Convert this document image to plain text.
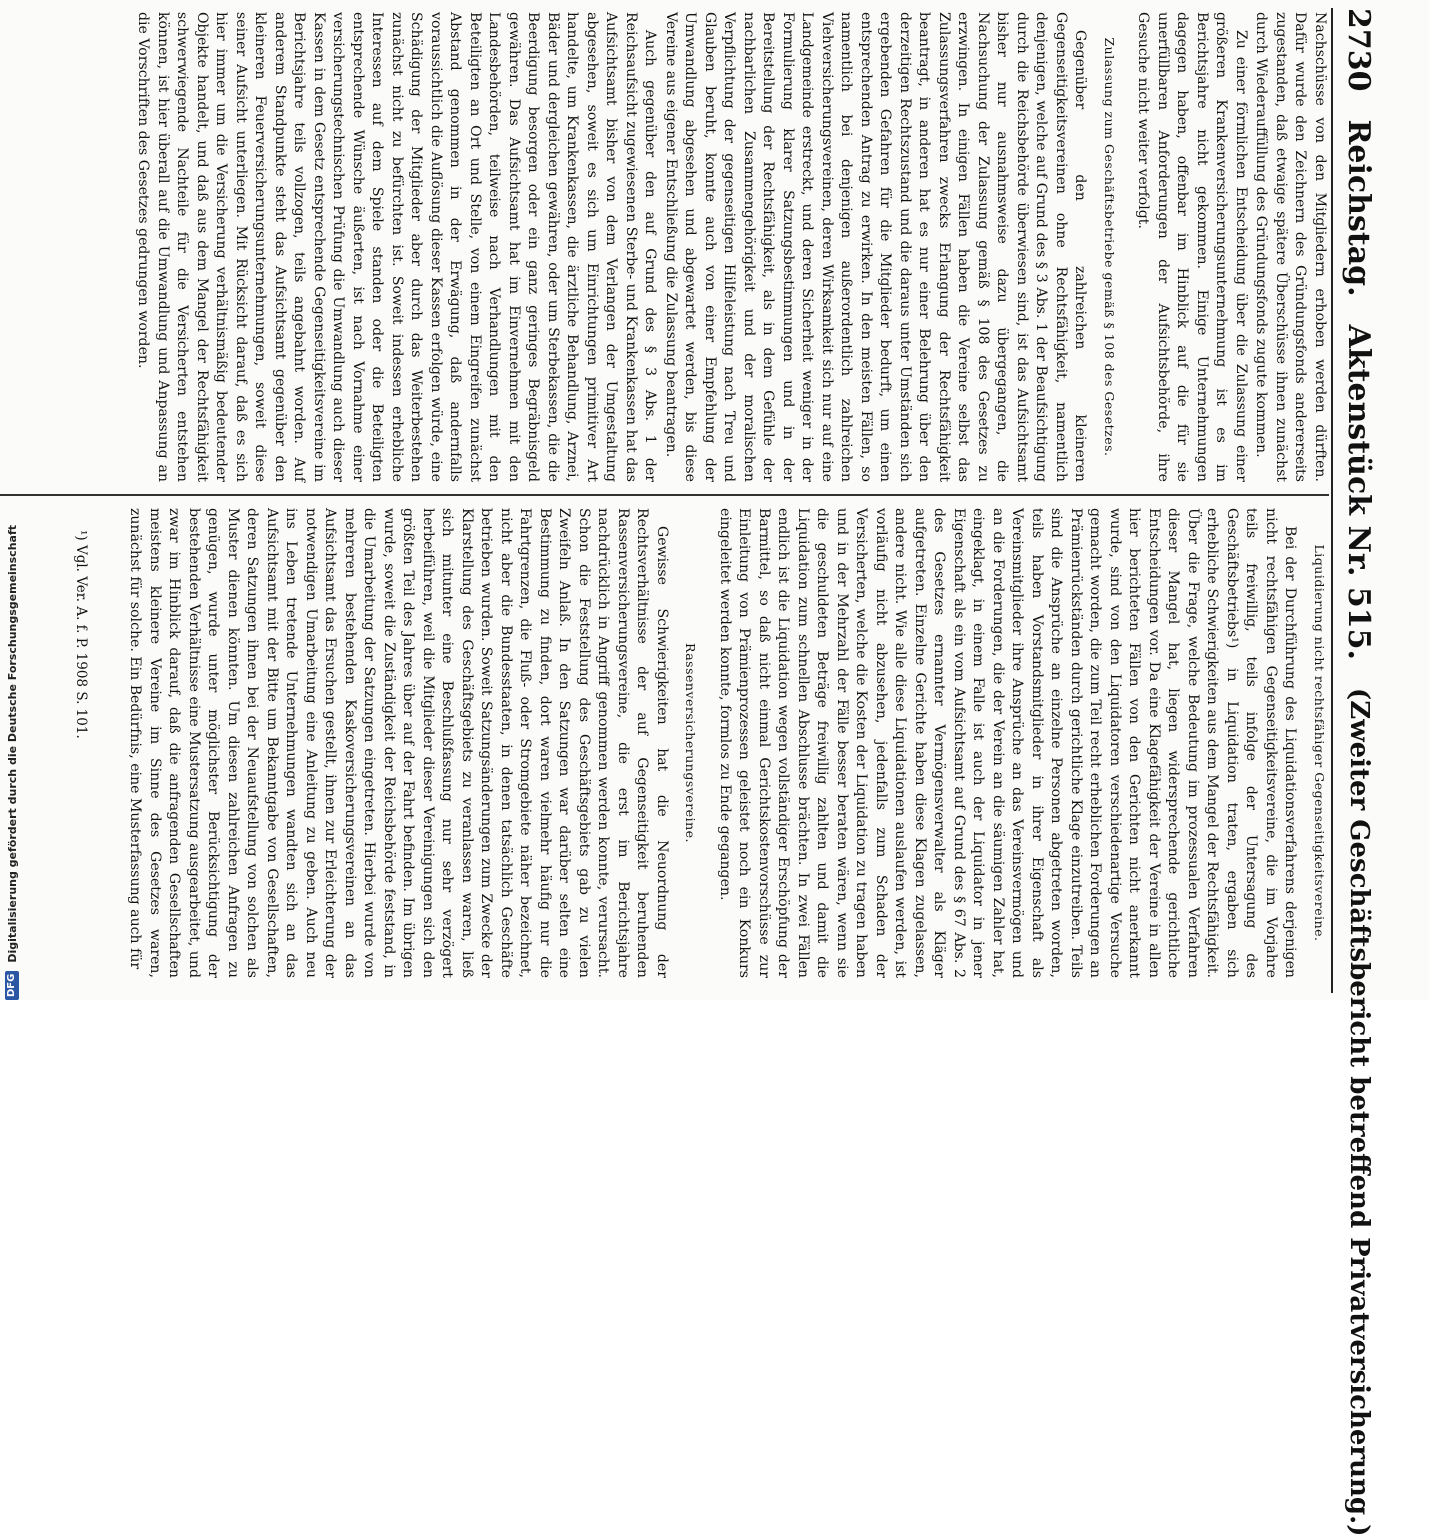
2730
Reichstag.
Aktenstück Nr. 515.
(Zweiter Geschäftsbericht betreffend Privatversicherung.)

Nachschüsse von den Mitgliedern erhoben werden dürften. Dafür wurde den Zeichnern des Gründungsfonds andererseits zugestanden, daß etwaige spätere Überschüsse ihnen zunächst durch Wiederauffüllung des Gründungsfonds zugute kommen.

Zu einer förmlichen Entscheidung über die Zulassung einer größeren Krankenversicherungsunternehmung ist es im Berichtsjahre nicht gekommen. Einige Unternehmungen dagegen haben, offenbar im Hinblick auf die für sie unerfüllbaren Anforderungen der Aufsichtsbehörde, ihre Gesuche nicht weiter verfolgt.

Zulassung zum Geschäftsbetriebe gemäß § 108 des Gesetzes.

Gegenüber den zahlreichen kleineren Gegenseitigkeitsvereinen ohne Rechtsfähigkeit, namentlich denjenigen, welche auf Grund des § 3 Abs. 1 der Beaufsichtigung durch die Reichsbehörde überwiesen sind, ist das Aufsichtsamt bisher nur ausnahmsweise dazu übergegangen, die Nachsuchung der Zulassung gemäß § 108 des Gesetzes zu erzwingen. In einigen Fällen haben die Vereine selbst das Zulassungsverfahren zwecks Erlangung der Rechtsfähigkeit beantragt, in anderen hat es nur einer Belehrung über den derzeitigen Rechtszustand und die daraus unter Umständen sich ergebenden Gefahren für die Mitglieder bedurft, um einen entsprechenden Antrag zu erwirken. In den meisten Fällen, so namentlich bei denjenigen außerordentlich zahlreichen Viehversicherungsvereinen, deren Wirksamkeit sich nur auf eine Landgemeinde erstreckt, und deren Sicherheit weniger in der Formulierung klarer Satzungsbestimmungen und in der Bereitstellung der Rechtsfähigkeit, als in dem Gefühle der nachbarlichen Zusammengehörigkeit und der moralischen Verpflichtung der gegenseitigen Hilfeleistung nach Treu und Glauben beruht, konnte auch von einer Empfehlung der Umwandlung abgesehen und abgewartet werden, bis diese Vereine aus eigener Entschließung die Zulassung beantragen.

Auch gegenüber den auf Grund des § 3 Abs. 1 der Reichsaufsicht zugewiesenen Sterbe- und Krankenkassen hat das Aufsichtsamt bisher von dem Verlangen der Umgestaltung abgesehen, soweit es sich um Einrichtungen primitiver Art handelte, um Krankenkassen, die ärztliche Behandlung, Arznei, Bäder und dergleichen gewähren, oder um Sterbekassen, die die Beerdigung besorgen oder ein ganz geringes Begräbnisgeld gewähren. Das Aufsichtsamt hat im Einvernehmen mit den Landesbehörden, teilweise nach Verhandlungen mit den Beteiligten an Ort und Stelle, von einem Eingreifen zunächst Abstand genommen in der Erwägung, daß andernfalls voraussichtlich die Auflösung dieser Kassen erfolgen würde, eine Schädigung der Mitglieder aber durch das Weiterbestehen zunächst nicht zu befürchten ist. Soweit indessen erhebliche Interessen auf dem Spiele standen oder die Beteiligten entsprechende Wünsche äußerten, ist nach Vornahme einer versicherungstechnischen Prüfung die Umwandlung auch dieser Kassen in dem Gesetz entsprechende Gegenseitigkeitsvereine im Berichtsjahre teils vollzogen, teils angebahnt worden. Auf anderem Standpunkte steht das Aufsichtsamt gegenüber den kleineren Feuerversicherungsunternehmungen, soweit diese seiner Aufsicht unterliegen. Mit Rücksicht darauf, daß es sich hier immer um die Versicherung verhältnismäßig bedeutender Objekte handelt, und daß aus dem Mangel der Rechtsfähigkeit schwerwiegende Nachteile für die Versicherten entstehen können, ist hier überall auf die Umwandlung und Anpassung an die Vorschriften des Gesetzes gedrungen worden.

Liquidierung nicht rechtsfähiger Gegenseitigkeitsvereine.

Bei der Durchführung des Liquidationsverfahrens derjenigen nicht rechtsfähigen Gegenseitigkeitsvereine, die im Vorjahre teils freiwillig, teils infolge der Untersagung des Geschäftsbetriebs¹) in Liquidation traten, ergaben sich erhebliche Schwierigkeiten aus dem Mangel der Rechtsfähigkeit. Über die Frage, welche Bedeutung im prozessualen Verfahren dieser Mangel hat, liegen widersprechende gerichtliche Entscheidungen vor. Da eine Klagefähigkeit der Vereine in allen hier berichteten Fällen von den Gerichten nicht anerkannt wurde, sind von den Liquidatoren verschiedenartige Versuche gemacht worden, die zum Teil recht erheblichen Forderungen an Prämienrückständen durch gerichtliche Klage einzutreiben. Teils sind die Ansprüche an einzelne Personen abgetreten worden, teils haben Vorstandsmitglieder in ihrer Eigenschaft als Vereinsmitglieder ihre Ansprüche an das Vereinsvermögen und an die Forderungen, die der Verein an die säumigen Zahler hat, eingeklagt, in einem Falle ist auch der Liquidator in jener Eigenschaft als ein vom Aufsichtsamt auf Grund des § 67 Abs. 2 des Gesetzes ernannter Vermögensverwalter als Kläger aufgetreten. Einzelne Gerichte haben diese Klagen zugelassen, andere nicht. Wie alle diese Liquidationen auslaufen werden, ist vorläufig nicht abzusehen, jedenfalls zum Schaden der Versicherten, welche die Kosten der Liquidation zu tragen haben und in der Mehrzahl der Fälle besser beraten wären, wenn sie die geschuldeten Beträge freiwillig zahlten und damit die Liquidation zum schnellen Abschlusse brächten. In zwei Fällen endlich ist die Liquidation wegen vollständiger Erschöpfung der Barmittel, so daß nicht einmal Gerichtskostenvorschüsse zur Einleitung von Prämienprozessen geleistet noch ein Konkurs eingeleitet werden konnte, formlos zu Ende gegangen.

Rassenversicherungsvereine.

Gewisse Schwierigkeiten hat die Neuordnung der Rechtsverhältnisse der auf Gegenseitigkeit beruhenden Rassenversicherungsvereine, die erst im Berichtsjahre nachdrücklich in Angriff genommen werden konnte, verursacht. Schon die Feststellung des Geschäftsgebiets gab zu vielen Zweifeln Anlaß. In den Satzungen war darüber selten eine Bestimmung zu finden, dort waren vielmehr häufig nur die Fahrtgrenzen, die Fluß- oder Stromgebiete näher bezeichnet, nicht aber die Bundesstaaten, in denen tatsächlich Geschäfte betrieben wurden. Soweit Satzungsänderungen zum Zwecke der Klarstellung des Geschäftsgebiets zu veranlassen waren, ließ sich mitunter eine Beschlußfassung nur sehr verzögert herbeiführen, weil die Mitglieder dieser Vereinigungen sich den größten Teil des Jahres über auf der Fahrt befinden. Im übrigen wurde, soweit die Zuständigkeit der Reichsbehörde feststand, in die Umarbeitung der Satzungen eingetreten. Hierbei wurde von mehreren bestehenden Kaskoversicherungsvereinen an das Aufsichtsamt das Ersuchen gestellt, ihnen zur Erleichterung der notwendigen Umarbeitung eine Anleitung zu geben. Auch neu ins Leben tretende Unternehmungen wandten sich an das Aufsichtsamt mit der Bitte um Bekanntgabe von Gesellschaften, deren Satzungen ihnen bei der Neuaufstellung von solchen als Muster dienen könnten. Um diesen zahlreichen Anfragen zu genügen, wurde unter möglichster Berücksichtigung der bestehenden Verhältnisse eine Mustersatzung ausgearbeitet, und zwar im Hinblick darauf, daß die anfragenden Gesellschaften meistens kleinere Vereine im Sinne des Gesetzes waren, zunächst für solche. Ein Bedürfnis, eine Musterfassung auch für

¹) Vgl. Ver. A. f. P. 1908 S. 101.
DFG
Digitalisierung gefördert durch die Deutsche Forschungsgemeinschaft
